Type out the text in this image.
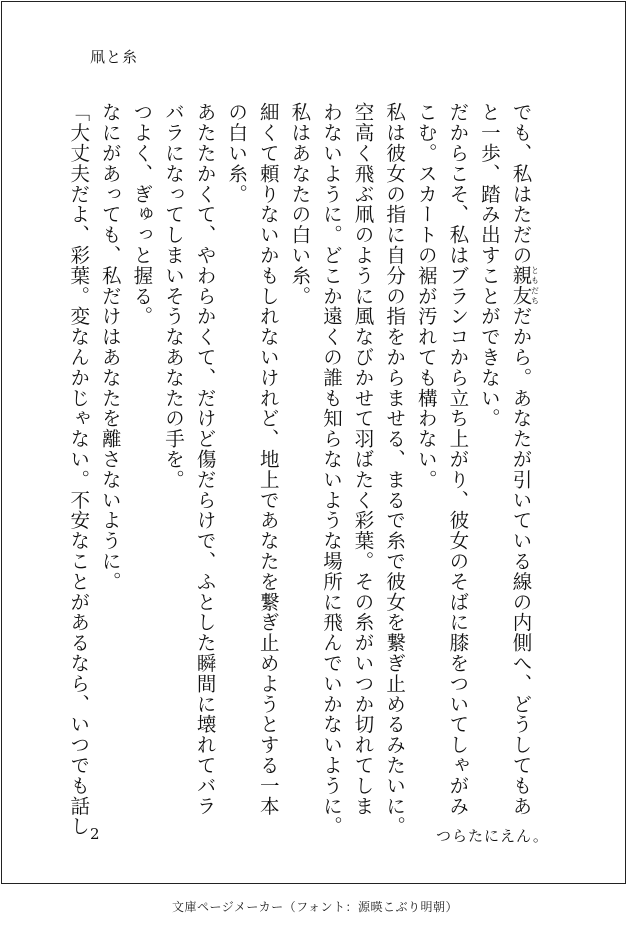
凧と糸
でも、私はただの親友ともだちだから。あなたが引いている線の内側へ、どうしてもあ
と一歩、踏み出すことができない。
だからこそ、私はブランコから立ち上がり、彼女のそばに膝をついてしゃがみ
こむ。スカートの裾が汚れても構わない。
私は彼女の指に自分の指をからませる、まるで糸で彼女を繋ぎ止めるみたいに。
空高く飛ぶ凧のように風なびかせて羽ばたく彩葉。その糸がいつか切れてしま
わないように。どこか遠くの誰も知らないような場所に飛んでいかないように。
私はあなたの白い糸。
細くて頼りないかもしれないけれど、地上であなたを繋ぎ止めようとする一本
の白い糸。
あたたかくて、やわらかくて、だけど傷だらけで、ふとした瞬間に壊れてバラ
バラになってしまいそうなあなたの手を。
つよく、ぎゅっと握る。
なにがあっても、私だけはあなたを離さないように。
「大丈夫だよ、彩葉。変なんかじゃない。不安なことがあるなら、いつでも話し 2	つらたにえん。
文庫ページメーカー（フォント：源暎こぶり明朝）
